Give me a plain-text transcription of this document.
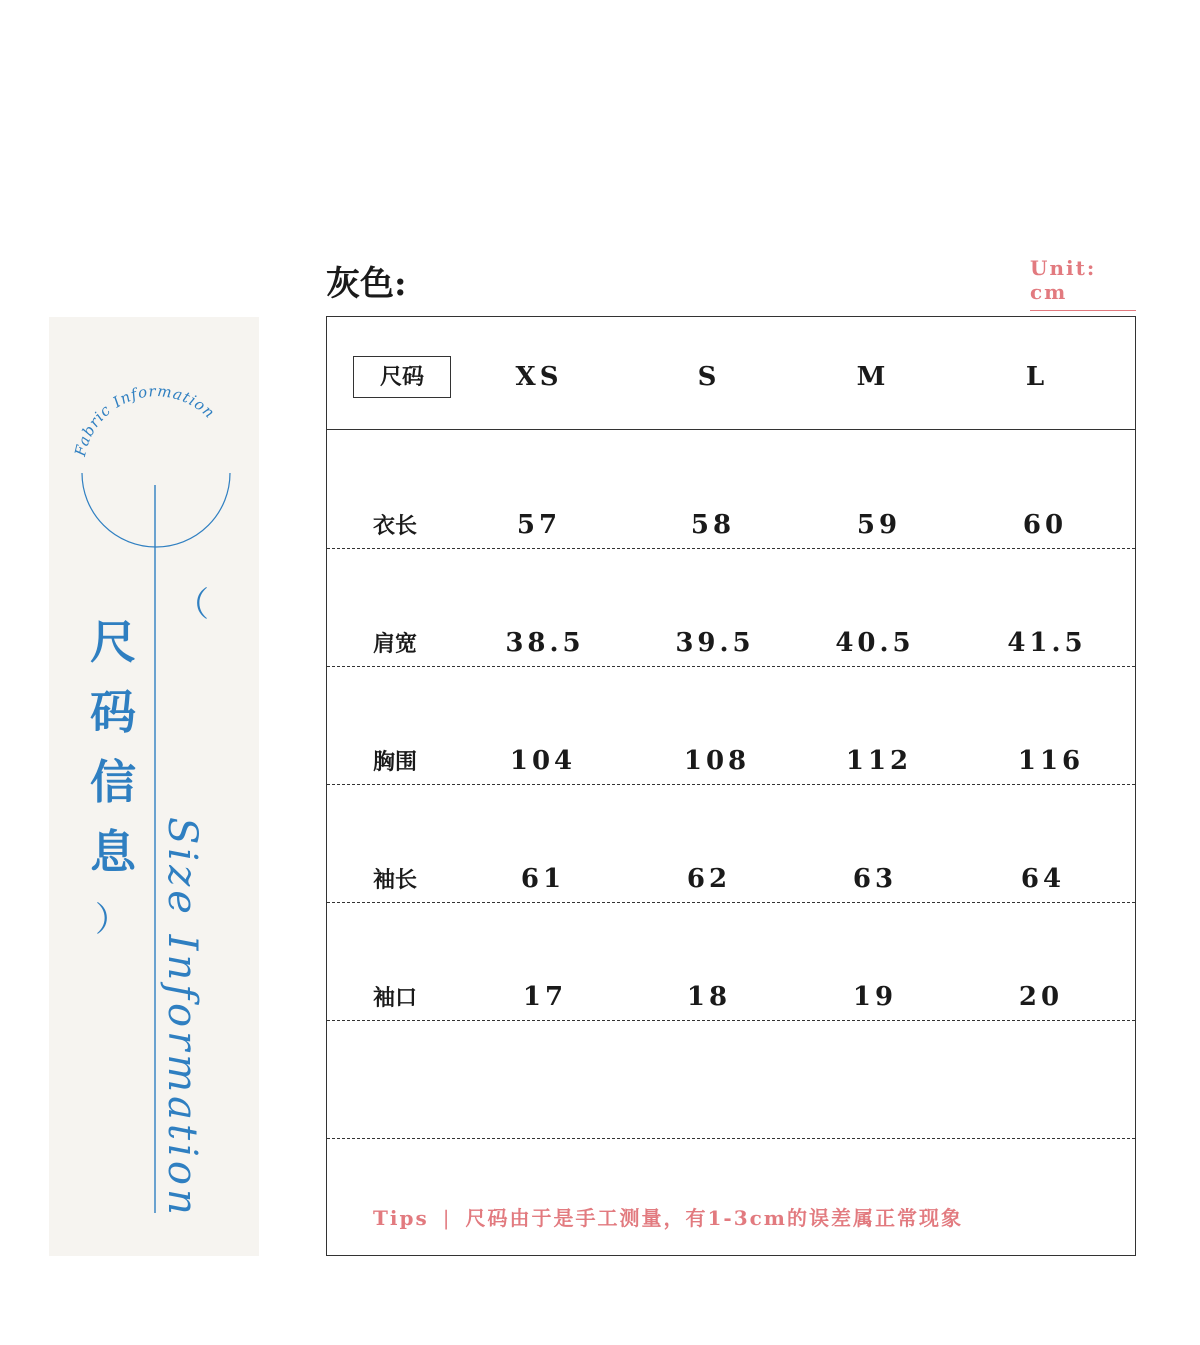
Fabric Information
尺
码
信
息
（
） Size Information
灰色:	Unit: cm
尺码	XS	S	M	L
衣长	57	58	59	60
肩宽	38.5	39.5	40.5	41.5
胸围	104	108	112	116
袖长	61	62	63	64
袖口	17	18	19	20
Tips | 尺码由于是手工测量，有1-3cm的误差属正常现象
